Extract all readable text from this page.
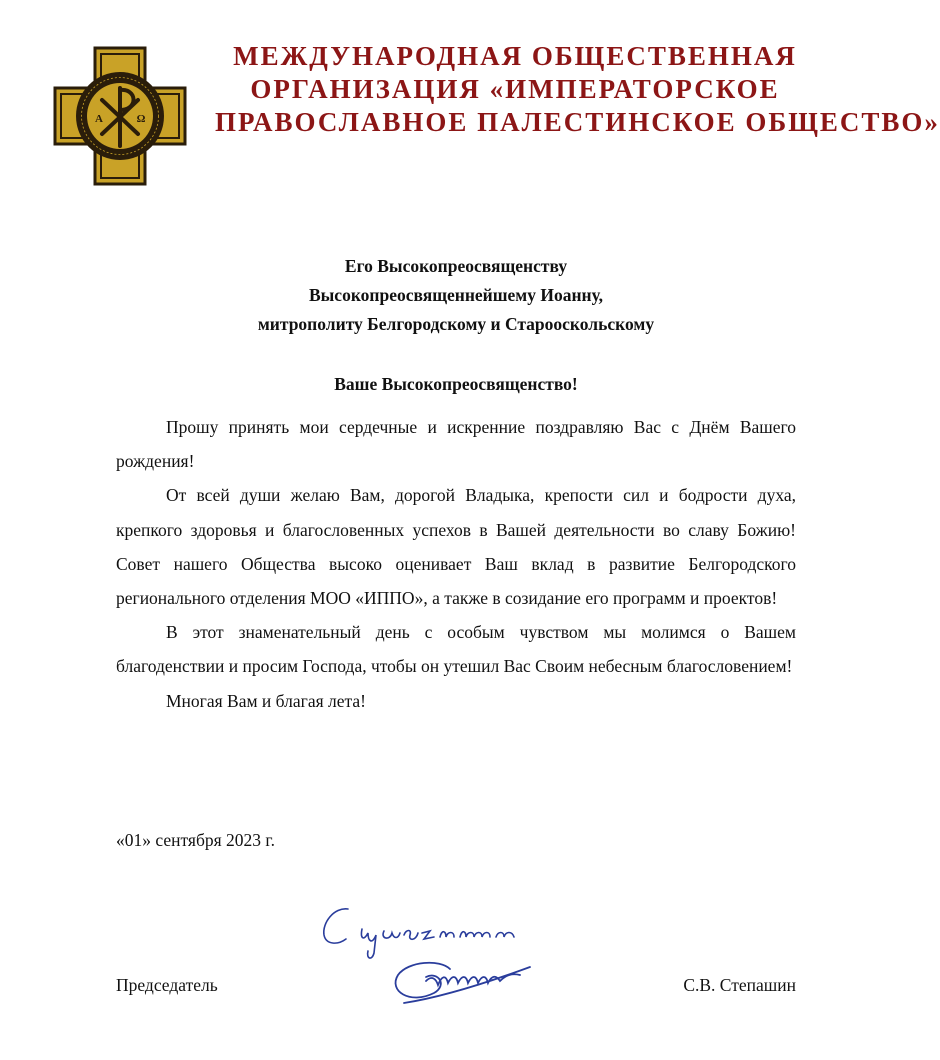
А	Ω
МЕЖДУНАРОДНАЯ ОБЩЕСТВЕННАЯ
ОРГАНИЗАЦИЯ «ИМПЕРАТОРСКОЕ
ПРАВОСЛАВНОЕ ПАЛЕСТИНСКОЕ ОБЩЕСТВО»
Его Высокопреосвященству
Высокопреосвященнейшему Иоанну,
митрополиту Белгородскому и Старооскольскому
Ваше Высокопреосвященство!

Прошу принять мои сердечные и искренние поздравляю Вас с Днём Вашего рождения!

От всей души желаю Вам, дорогой Владыка, крепости сил и бодрости духа, крепкого здоровья и благословенных успехов в Вашей деятельности во славу Божию! Совет нашего Общества высоко оценивает Ваш вклад в развитие Белгородского регионального отделения МОО «ИППО», а также в созидание его программ и проектов!

В этот знаменательный день с особым чувством мы молимся о Вашем благоденствии и просим Господа, чтобы он утешил Вас Своим небесным благословением!

Многая Вам и благая лета!

«01» сентября 2023 г.
Председатель	С.В. Степашин
